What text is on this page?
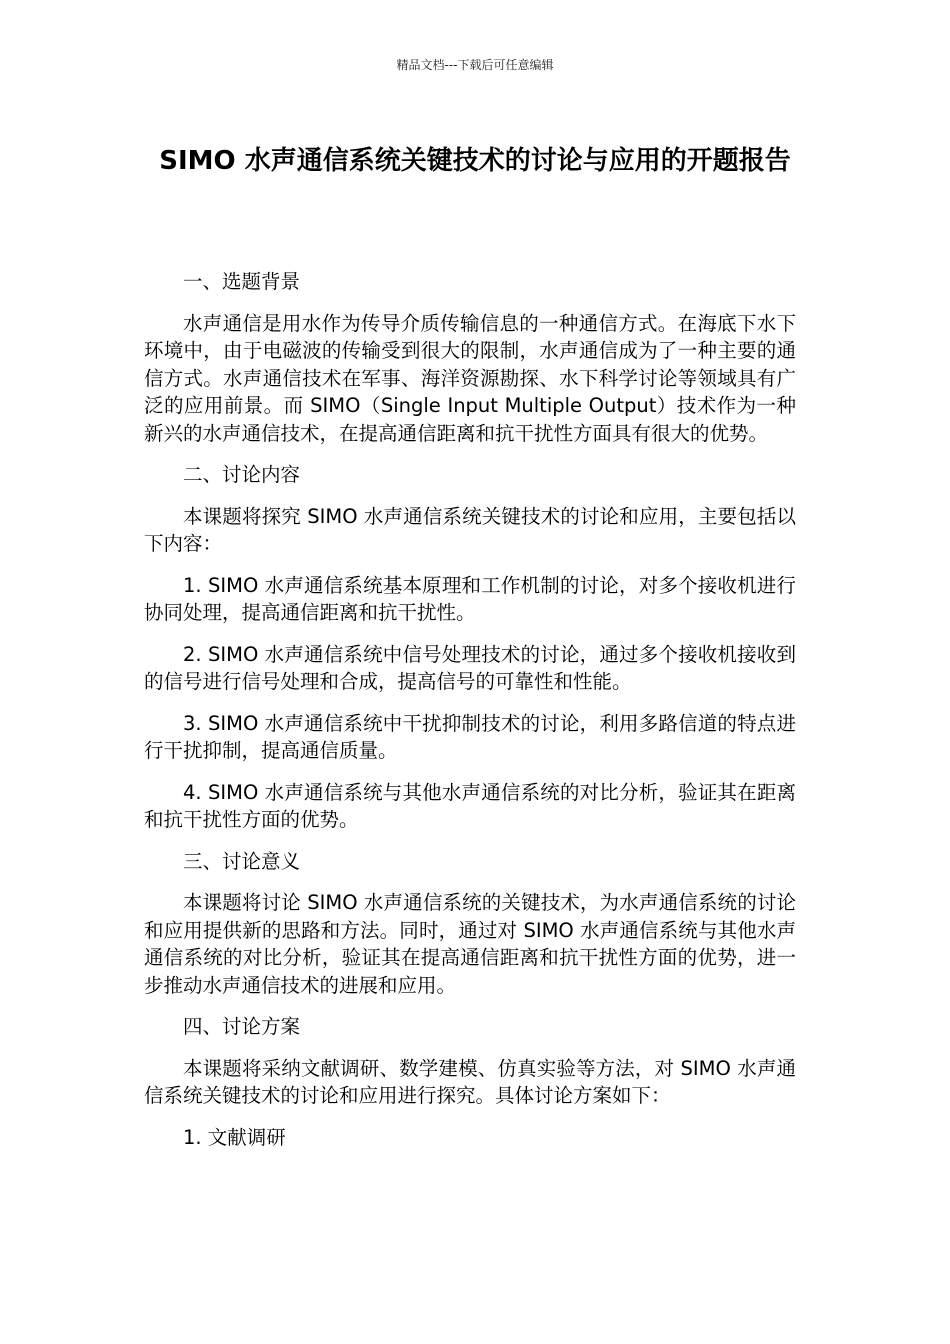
精品文档---下载后可任意编辑
SIMO 水声通信系统关键技术的讨论与应用的开题报告

一、选题背景

水声通信是用水作为传导介质传输信息的一种通信方式。在海底下水下环境中，由于电磁波的传输受到很大的限制，水声通信成为了一种主要的通信方式。水声通信技术在军事、海洋资源勘探、水下科学讨论等领域具有广泛的应用前景。而 SIMO（Single Input Multiple Output）技术作为一种新兴的水声通信技术，在提高通信距离和抗干扰性方面具有很大的优势。

二、讨论内容

本课题将探究 SIMO 水声通信系统关键技术的讨论和应用，主要包括以下内容：

1. SIMO 水声通信系统基本原理和工作机制的讨论，对多个接收机进行协同处理，提高通信距离和抗干扰性。

2. SIMO 水声通信系统中信号处理技术的讨论，通过多个接收机接收到的信号进行信号处理和合成，提高信号的可靠性和性能。

3. SIMO 水声通信系统中干扰抑制技术的讨论，利用多路信道的特点进行干扰抑制，提高通信质量。

4. SIMO 水声通信系统与其他水声通信系统的对比分析，验证其在距离和抗干扰性方面的优势。

三、讨论意义

本课题将讨论 SIMO 水声通信系统的关键技术，为水声通信系统的讨论和应用提供新的思路和方法。同时，通过对 SIMO 水声通信系统与其他水声通信系统的对比分析，验证其在提高通信距离和抗干扰性方面的优势，进一步推动水声通信技术的进展和应用。

四、讨论方案

本课题将采纳文献调研、数学建模、仿真实验等方法，对 SIMO 水声通信系统关键技术的讨论和应用进行探究。具体讨论方案如下：

1. 文献调研
